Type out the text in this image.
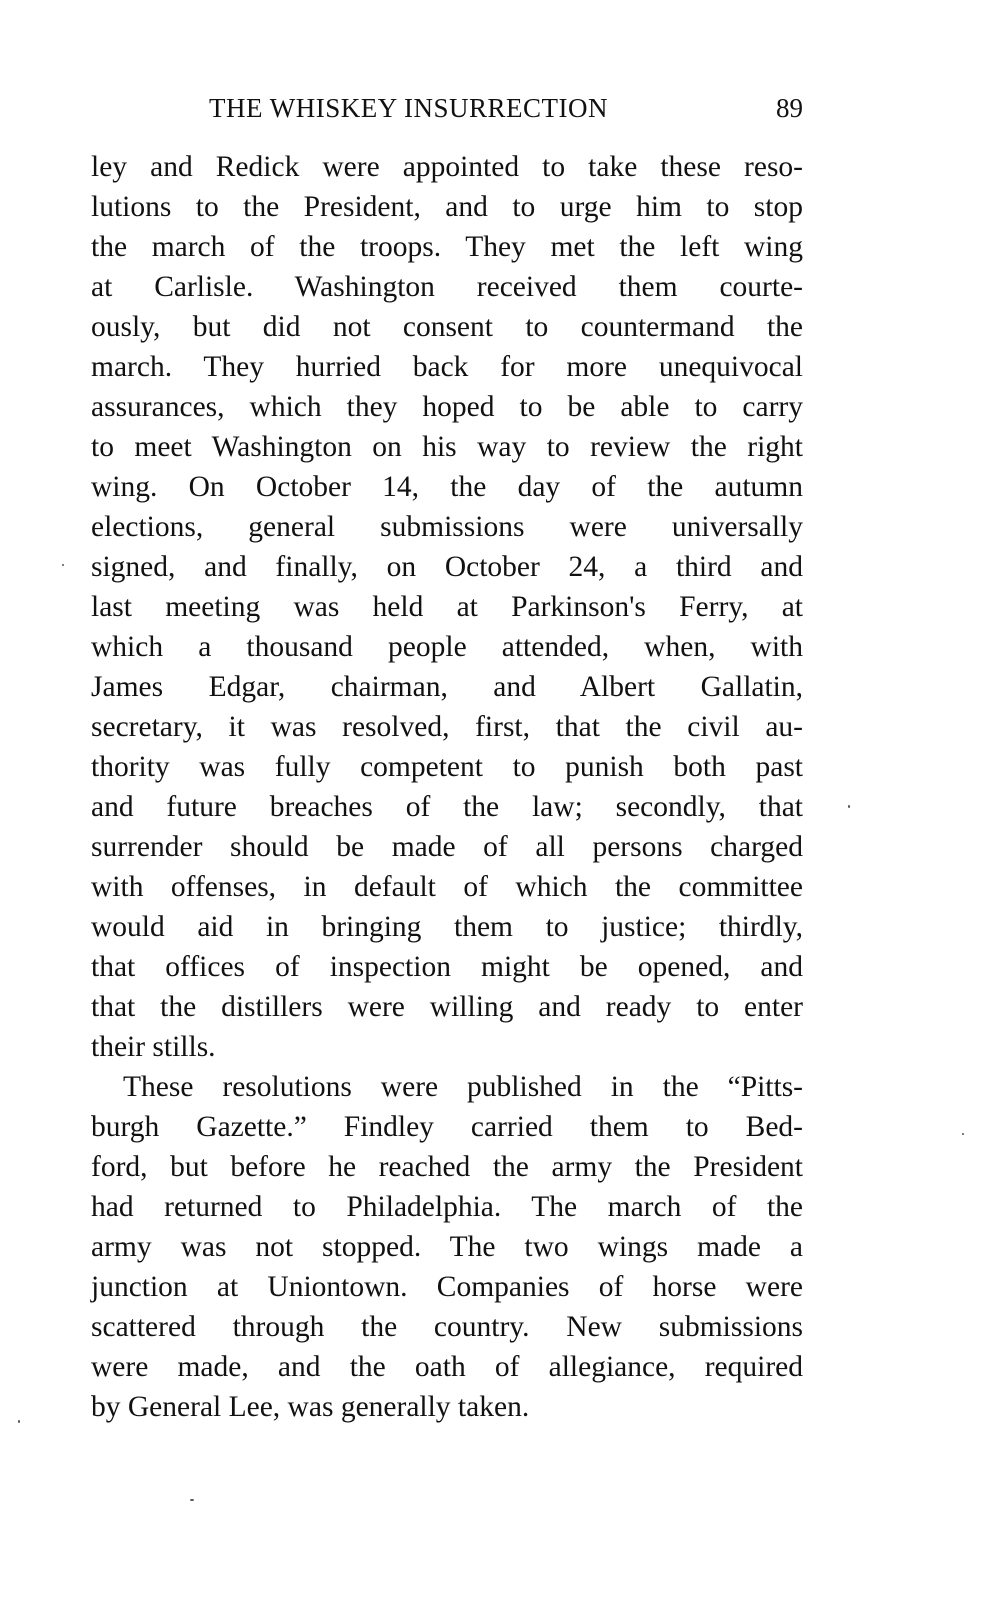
THE WHISKEY INSURRECTION	89
ley and Redick were appointed to take these reso-
lutions to the President, and to urge him to stop
the march of the troops. They met the left wing
at Carlisle. Washington received them courte-
ously, but did not consent to countermand the
march. They hurried back for more unequivocal
assurances, which they hoped to be able to carry
to meet Washington on his way to review the right
wing. On October 14, the day of the autumn
elections, general submissions were universally
signed, and finally, on October 24, a third and
last meeting was held at Parkinson's Ferry, at
which a thousand people attended, when, with
James Edgar, chairman, and Albert Gallatin,
secretary, it was resolved, first, that the civil au-
thority was fully competent to punish both past
and future breaches of the law; secondly, that
surrender should be made of all persons charged
with offenses, in default of which the committee
would aid in bringing them to justice; thirdly,
that offices of inspection might be opened, and
that the distillers were willing and ready to enter
their stills.
These resolutions were published in the “Pitts-
burgh Gazette.” Findley carried them to Bed-
ford, but before he reached the army the President
had returned to Philadelphia. The march of the
army was not stopped. The two wings made a
junction at Uniontown. Companies of horse were
scattered through the country. New submissions
were made, and the oath of allegiance, required
by General Lee, was generally taken.
